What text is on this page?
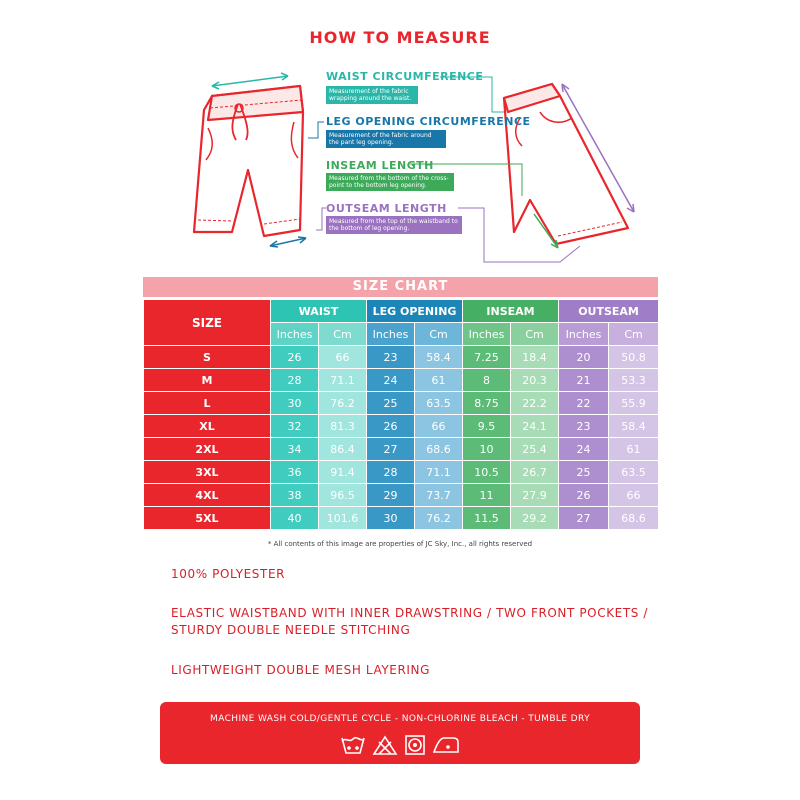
HOW TO MEASURE
WAIST CIRCUMFERENCE
Measurement of the fabric wrapping around the waist.
LEG OPENING CIRCUMFERENCE
Measurement of the fabric around the pant leg opening.
INSEAM LENGTH
Measured from the bottom of the cross-point to the bottom leg opening.
OUTSEAM LENGTH
Measured from the top of the waistband to the bottom of leg opening.
SIZE CHART
SIZE	WAIST		LEG OPENING		INSEAM		OUTSEAM	
	Inches	Cm	Inches	Cm	Inches	Cm	Inches	Cm
S	26	66	23	58.4	7.25	18.4	20	50.8
M	28	71.1	24	61	8	20.3	21	53.3
L	30	76.2	25	63.5	8.75	22.2	22	55.9
XL	32	81.3	26	66	9.5	24.1	23	58.4
2XL	34	86.4	27	68.6	10	25.4	24	61
3XL	36	91.4	28	71.1	10.5	26.7	25	63.5
4XL	38	96.5	29	73.7	11	27.9	26	66
5XL	40	101.6	30	76.2	11.5	29.2	27	68.6
* All contents of this image are properties of JC Sky, Inc., all rights reserved
100% POLYESTER
ELASTIC WAISTBAND WITH INNER DRAWSTRING / TWO FRONT POCKETS /
STURDY DOUBLE NEEDLE STITCHING
LIGHTWEIGHT DOUBLE MESH LAYERING
MACHINE WASH COLD/GENTLE CYCLE - NON-CHLORINE BLEACH - TUMBLE DRY
